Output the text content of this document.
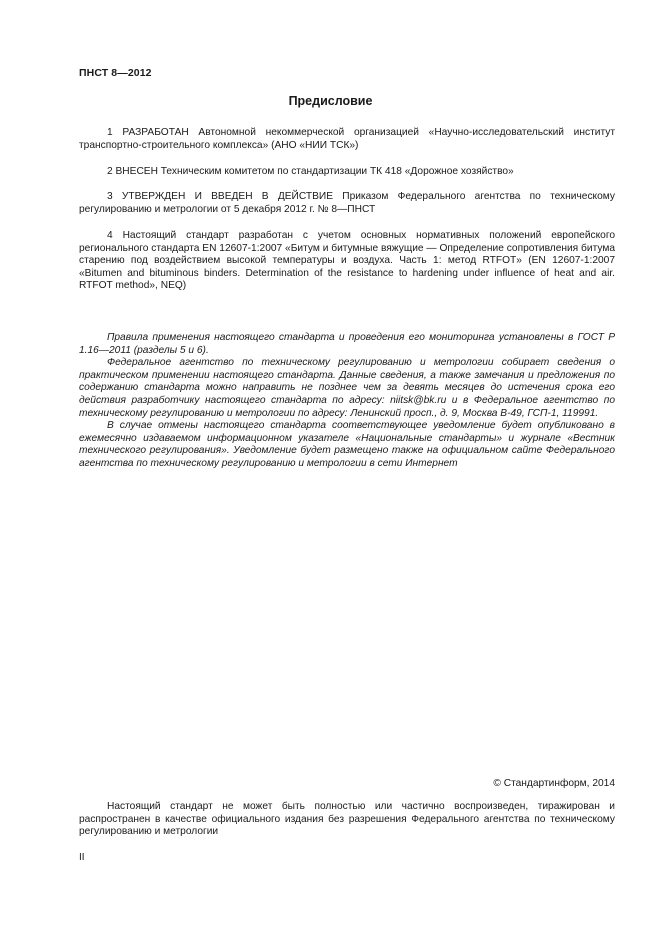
ПНСТ 8—2012
Предисловие

1 РАЗРАБОТАН Автономной некоммерческой организацией «Научно-исследовательский институт транспортно-строительного комплекса» (АНО «НИИ ТСК»)

2 ВНЕСЕН Техническим комитетом по стандартизации ТК 418 «Дорожное хозяйство»

3 УТВЕРЖДЕН И ВВЕДЕН В ДЕЙСТВИЕ Приказом Федерального агентства по техническому регулированию и метрологии от 5 декабря 2012 г. № 8—ПНСТ

4 Настоящий стандарт разработан с учетом основных нормативных положений европейского регионального стандарта EN 12607-1:2007 «Битум и битумные вяжущие — Определение сопротивления битума старению под воздействием высокой температуры и воздуха. Часть 1: метод RTFOT» (EN 12607-1:2007 «Bitumen and bituminous binders. Determination of the resistance to hardening under influence of heat and air. RTFOT method», NEQ)

Правила применения настоящего стандарта и проведения его мониторинга установлены в ГОСТ Р 1.16—2011 (разделы 5 и 6).

Федеральное агентство по техническому регулированию и метрологии собирает сведения о практическом применении настоящего стандарта. Данные сведения, а также замечания и предложения по содержанию стандарта можно направить не позднее чем за девять месяцев до истечения срока его действия разработчику настоящего стандарта по адресу: niitsk@bk.ru и в Федеральное агентство по техническому регулированию и метрологии по адресу: Ленинский просп., д. 9, Москва В-49, ГСП-1, 119991.

В случае отмены настоящего стандарта соответствующее уведомление будет опубликовано в ежемесячно издаваемом информационном указателе «Национальные стандарты» и журнале «Вестник технического регулирования». Уведомление будет размещено также на официальном сайте Федерального агентства по техническому регулированию и метрологии в сети Интернет

© Стандартинформ, 2014

Настоящий стандарт не может быть полностью или частично воспроизведен, тиражирован и распространен в качестве официального издания без разрешения Федерального агентства по техническому регулированию и метрологии

II
